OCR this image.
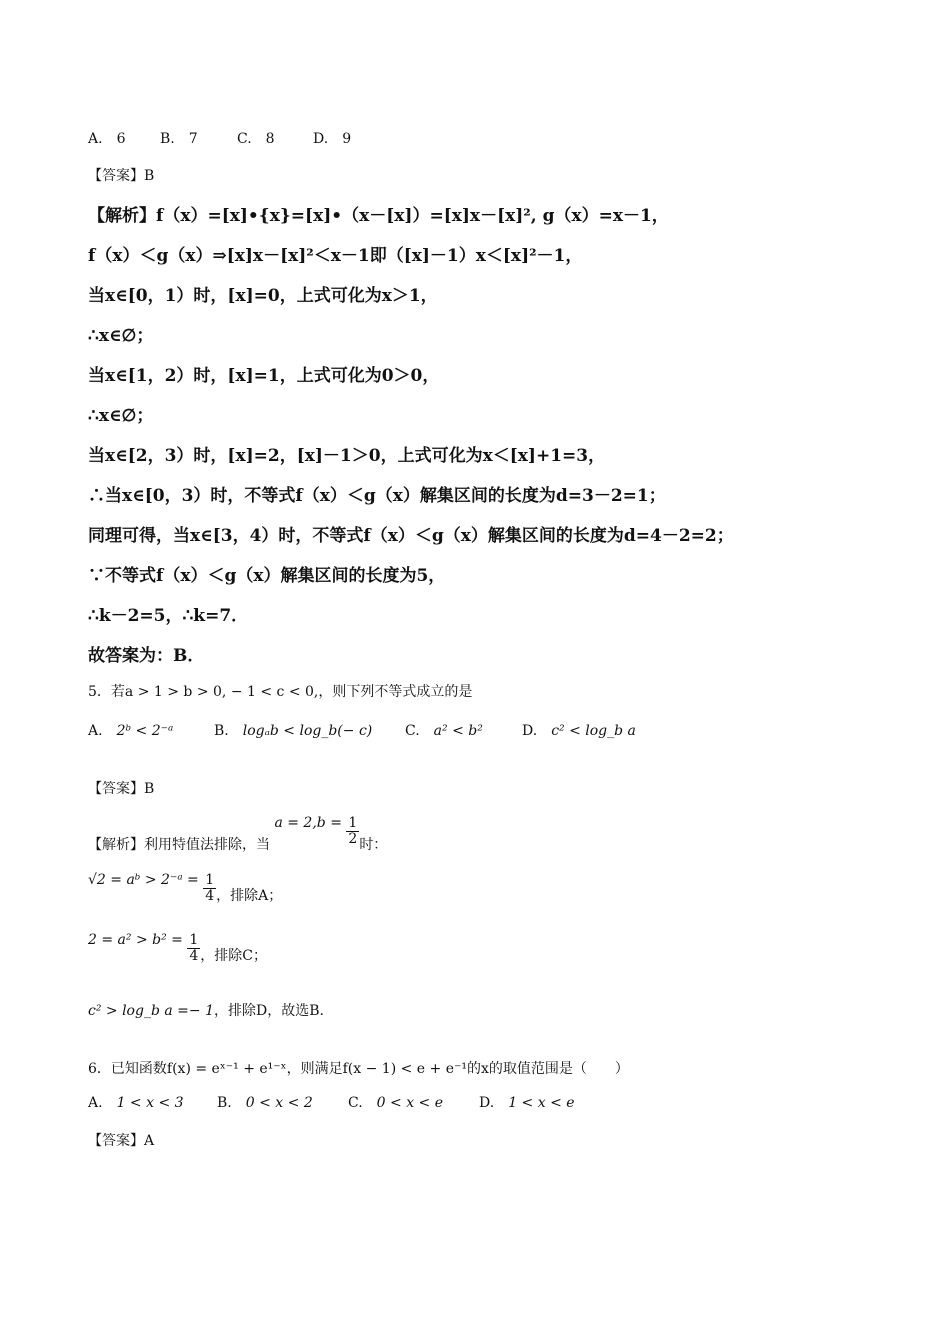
A.　 6 B.　 7	C.　 8	D.　 9
【答案】B
【解析】f（x）=[x]•{x}=[x]•（x－[x]）=[x]x－[x]², g（x）=x－1，
f（x）＜g（x）⇒[x]x－[x]²＜x－1即（[x]－1）x＜[x]²－1，
当x∈[0，1）时，[x]=0，上式可化为x＞1，
∴x∈∅；
当x∈[1，2）时，[x]=1，上式可化为0＞0，
∴x∈∅；
当x∈[2，3）时，[x]=2，[x]－1＞0，上式可化为x＜[x]+1=3，
∴当x∈[0，3）时，不等式f（x）＜g（x）解集区间的长度为d=3－2=1；
同理可得，当x∈[3，4）时，不等式f（x）＜g（x）解集区间的长度为d=4－2=2；
∵不等式f（x）＜g（x）解集区间的长度为5，
∴k－2=5，∴k=7．
故答案为：B．
5．若a > 1 > b > 0, − 1 < c < 0,，则下列不等式成立的是
A.　 2ᵇ < 2⁻ᵃ	B.　 logₐb < log_b(− c) C.　 a² < b²	D.　 c² < log_b a
【答案】B
【解析】利用特值法排除，当 $a = 2,b = \frac{1}{2}$ 时：
√2 = aᵇ > 2⁻ᵃ = $\frac{1}{4}$ ，排除A；
$2 = a^2 > b^2 = \frac{1}{4}$ ，排除C；
c² > log_b a =− 1，排除D，故选B.
6．已知函数f(x) = eˣ⁻¹ + e¹⁻ˣ，则满足f(x − 1) < e + e⁻¹的x的取值范围是（　　）
A.　 1 < x < 3 B.　 0 < x < 2	C.　 0 < x < e	D.　 1 < x < e
【答案】A
